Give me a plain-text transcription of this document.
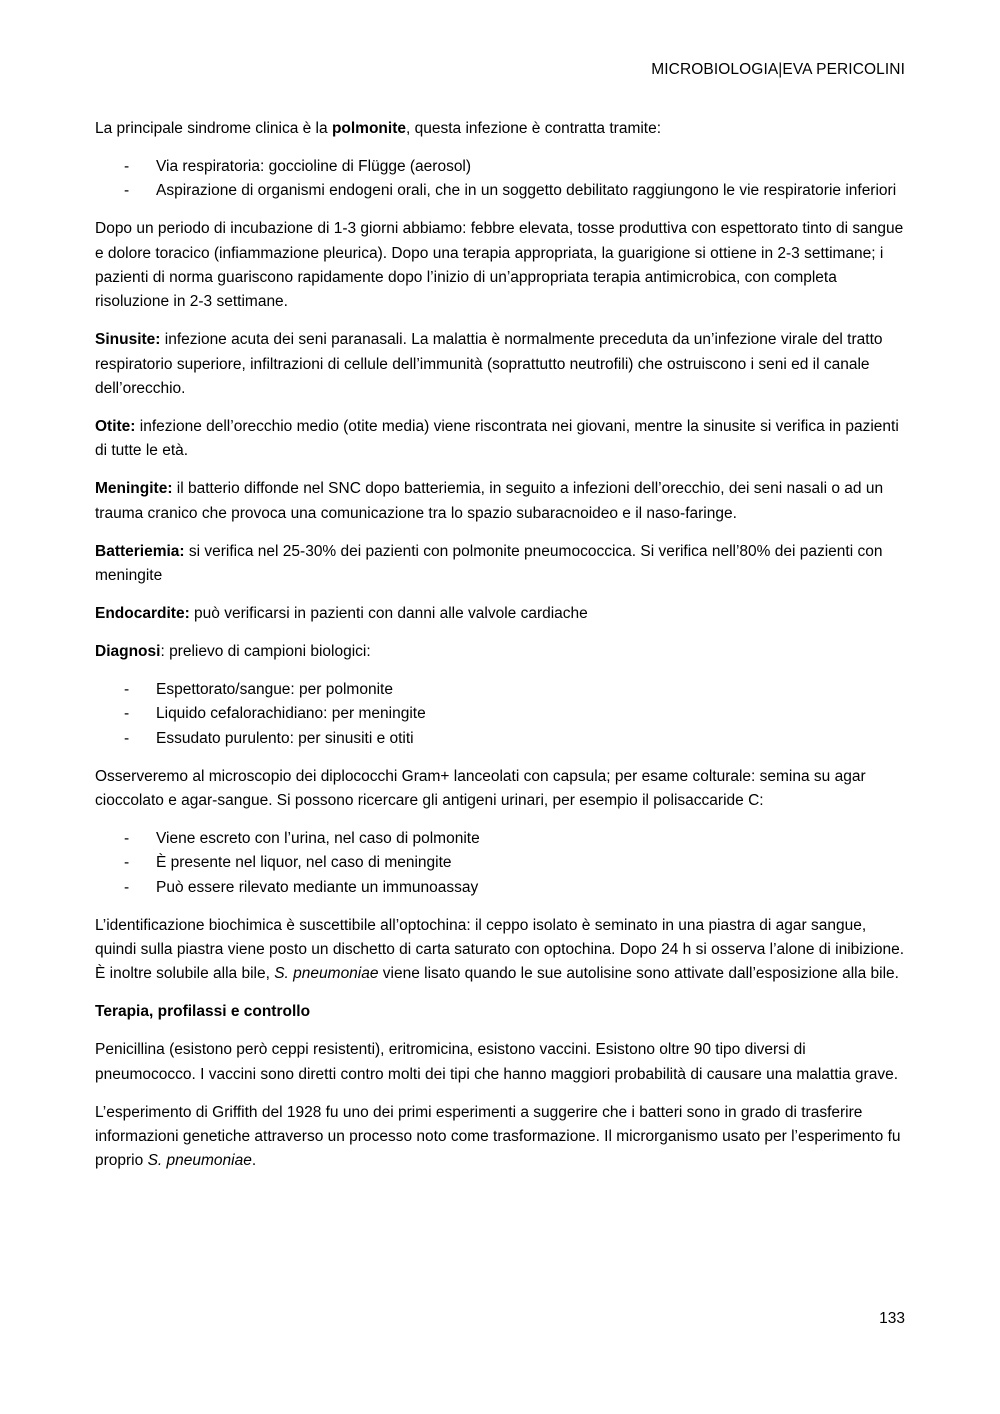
MICROBIOLOGIA|EVA PERICOLINI

La principale sindrome clinica è la polmonite, questa infezione è contratta tramite:

- Via respiratoria: goccioline di Flügge (aerosol)
- Aspirazione di organismi endogeni orali, che in un soggetto debilitato raggiungono le vie respiratorie inferiori

Dopo un periodo di incubazione di 1-3 giorni abbiamo: febbre elevata, tosse produttiva con espettorato tinto di sangue e dolore toracico (infiammazione pleurica). Dopo una terapia appropriata, la guarigione si ottiene in 2-3 settimane; i pazienti di norma guariscono rapidamente dopo l’inizio di un’appropriata terapia antimicrobica, con completa risoluzione in 2-3 settimane.

Sinusite: infezione acuta dei seni paranasali. La malattia è normalmente preceduta da un’infezione virale del tratto respiratorio superiore, infiltrazioni di cellule dell’immunità (soprattutto neutrofili) che ostruiscono i seni ed il canale dell’orecchio.

Otite: infezione dell’orecchio medio (otite media) viene riscontrata nei giovani, mentre la sinusite si verifica in pazienti di tutte le età.

Meningite: il batterio diffonde nel SNC dopo batteriemia, in seguito a infezioni dell’orecchio, dei seni nasali o ad un trauma cranico che provoca una comunicazione tra lo spazio subaracnoideo e il naso-faringe.

Batteriemia: si verifica nel 25-30% dei pazienti con polmonite pneumococcica. Si verifica nell’80% dei pazienti con meningite

Endocardite: può verificarsi in pazienti con danni alle valvole cardiache

Diagnosi: prelievo di campioni biologici:

- Espettorato/sangue: per polmonite
- Liquido cefalorachidiano: per meningite
- Essudato purulento: per sinusiti e otiti

Osserveremo al microscopio dei diplococchi Gram+ lanceolati con capsula; per esame colturale: semina su agar cioccolato e agar-sangue. Si possono ricercare gli antigeni urinari, per esempio il polisaccaride C:

- Viene escreto con l’urina, nel caso di polmonite
- È presente nel liquor, nel caso di meningite
- Può essere rilevato mediante un immunoassay

L’identificazione biochimica è suscettibile all’optochina: il ceppo isolato è seminato in una piastra di agar sangue, quindi sulla piastra viene posto un dischetto di carta saturato con optochina. Dopo 24 h si osserva l’alone di inibizione. È inoltre solubile alla bile, S. pneumoniae viene lisato quando le sue autolisine sono attivate dall’esposizione alla bile.

Terapia, profilassi e controllo

Penicillina (esistono però ceppi resistenti), eritromicina, esistono vaccini. Esistono oltre 90 tipo diversi di pneumococco. I vaccini sono diretti contro molti dei tipi che hanno maggiori probabilità di causare una malattia grave.

L’esperimento di Griffith del 1928 fu uno dei primi esperimenti a suggerire che i batteri sono in grado di trasferire informazioni genetiche attraverso un processo noto come trasformazione. Il microrganismo usato per l’esperimento fu proprio S. pneumoniae.

133
